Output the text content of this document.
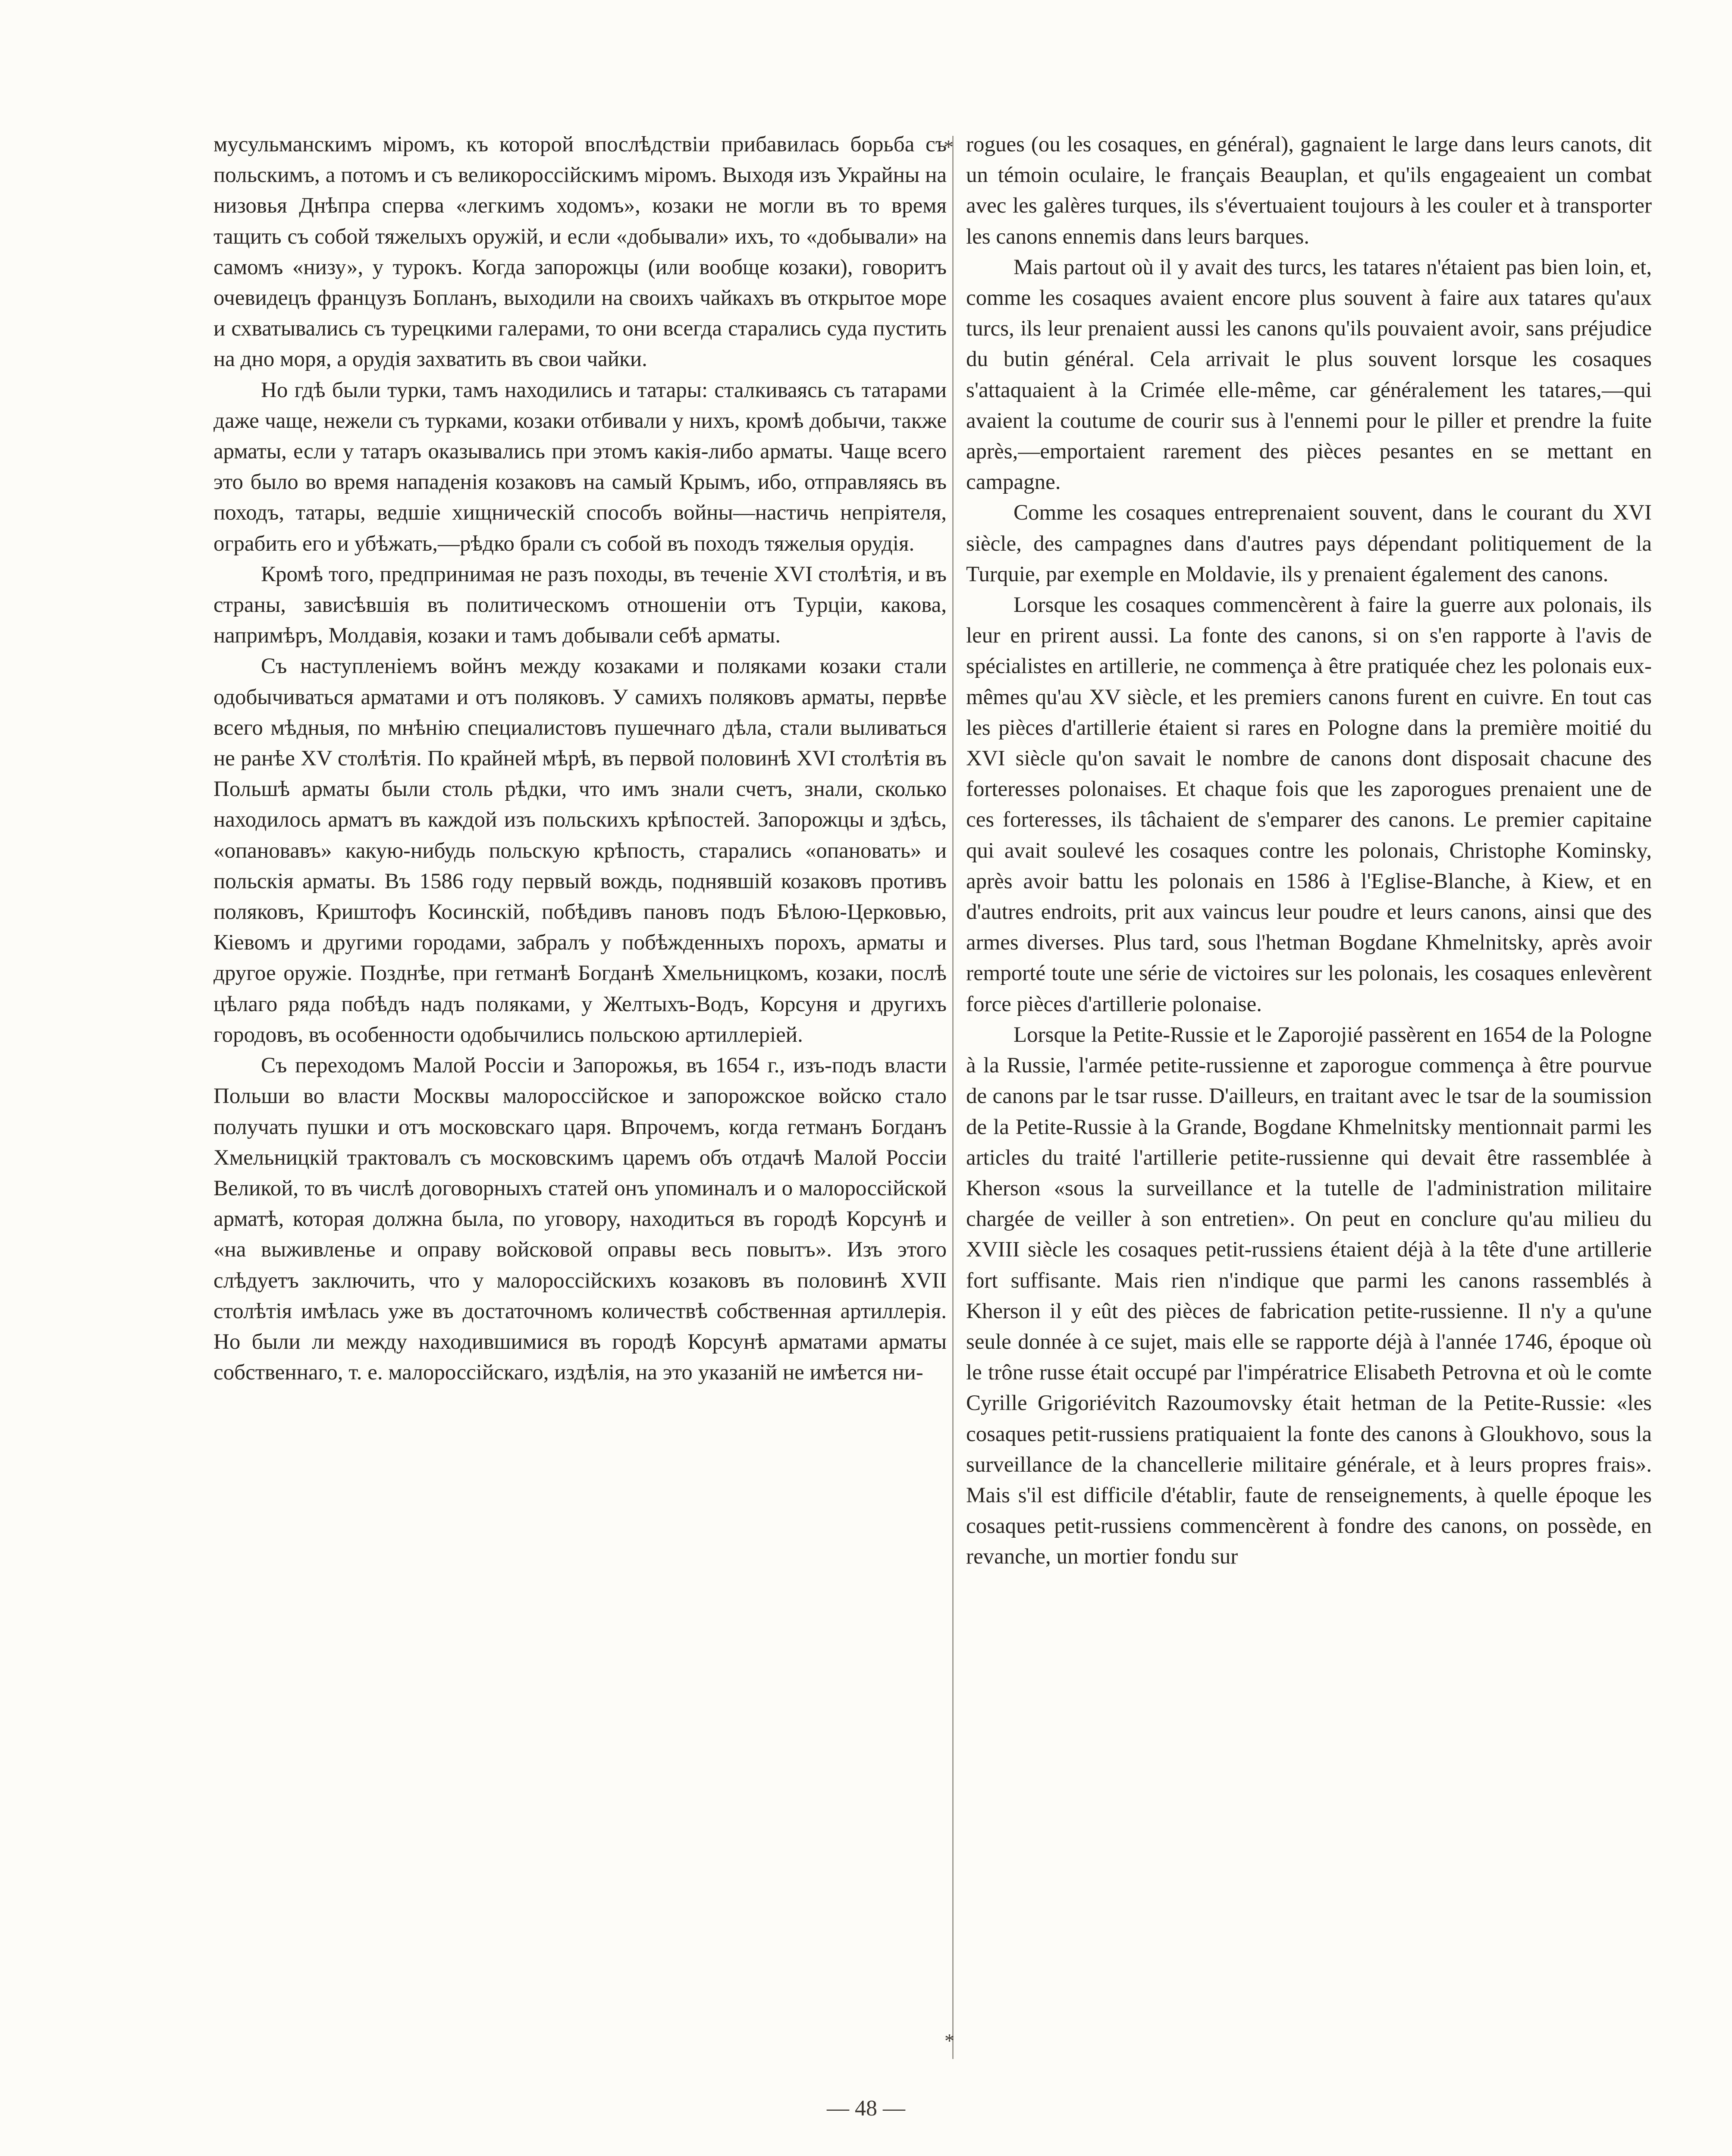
мусульманскимъ міромъ, къ которой впослѣдствіи прибавилась борьба съ польскимъ, а потомъ и съ великороссійскимъ міромъ. Выходя изъ Украйны на низовья Днѣпра сперва «легкимъ ходомъ», козаки не могли въ то время тащить съ собой тяжелыхъ оружій, и если «добывали» ихъ, то «добывали» на самомъ «низу», у турокъ. Когда запорожцы (или вообще козаки), говоритъ очевидецъ французъ Бопланъ, выходили на своихъ чайкахъ въ открытое море и схватывались съ турецкими галерами, то они всегда старались суда пустить на дно моря, а орудія захватить въ свои чайки.

Но гдѣ были турки, тамъ находились и татары: сталкиваясь съ татарами даже чаще, нежели съ турками, козаки отбивали у нихъ, кромѣ добычи, также арматы, если у татаръ оказывались при этомъ какія-либо арматы. Чаще всего это было во время нападенія козаковъ на самый Крымъ, ибо, отправляясь въ походъ, татары, ведшіе хищническій способъ войны—настичь непріятеля, ограбить его и убѣжать,—рѣдко брали съ собой въ походъ тяжелыя орудія.

Кромѣ того, предпринимая не разъ походы, въ теченіе XVI столѣтія, и въ страны, зависѣвшія въ политическомъ отношеніи отъ Турціи, какова, напримѣръ, Молдавія, козаки и тамъ добывали себѣ арматы.

Съ наступленіемъ войнъ между козаками и поляками козаки стали одобычиваться арматами и отъ поляковъ. У самихъ поляковъ арматы, первѣе всего мѣдныя, по мнѣнію специалистовъ пушечнаго дѣла, стали выливаться не ранѣе XV столѣтія. По крайней мѣрѣ, въ первой половинѣ XVI столѣтія въ Польшѣ арматы были столь рѣдки, что имъ знали счетъ, знали, сколько находилось арматъ въ каждой изъ польскихъ крѣпостей. Запорожцы и здѣсь, «опановавъ» какую-нибудь польскую крѣпость, старались «опановать» и польскія арматы. Въ 1586 году первый вождь, поднявшій козаковъ противъ поляковъ, Криштофъ Косинскій, побѣдивъ пановъ подъ Бѣлою-Церковью, Кіевомъ и другими городами, забралъ у побѣжденныхъ порохъ, арматы и другое оружіе. Позднѣе, при гетманѣ Богданѣ Хмельницкомъ, козаки, послѣ цѣлаго ряда побѣдъ надъ поляками, у Желтыхъ-Водъ, Корсуня и другихъ городовъ, въ особенности одобычились польскою артиллеріей.

Съ переходомъ Малой Россіи и Запорожья, въ 1654 г., изъ-подъ власти Польши во власти Москвы малороссійское и запорожское войско стало получать пушки и отъ московскаго царя. Впрочемъ, когда гетманъ Богданъ Хмельницкій трактовалъ съ московскимъ царемъ объ отдачѣ Малой Россіи Великой, то въ числѣ договорныхъ статей онъ упоминалъ и о малороссійской арматѣ, которая должна была, по уговору, находиться въ городѣ Корсунѣ и «на выживленье и оправу войсковой оправы весь повытъ». Изъ этого слѣдуетъ заключить, что у малороссійскихъ козаковъ въ половинѣ XVII столѣтія имѣлась уже въ достаточномъ количествѣ собственная артиллерія. Но были ли между находившимися въ городѣ Корсунѣ арматами арматы собственнаго, т. е. малороссійскаго, издѣлія, на это указаній не имѣется ни-

*
*

rogues (ou les cosaques, en général), gagnaient le large dans leurs canots, dit un témoin oculaire, le français Beauplan, et qu'ils engageaient un combat avec les galères turques, ils s'évertuaient toujours à les couler et à transporter les canons ennemis dans leurs barques.

Mais partout où il y avait des turcs, les tatares n'étaient pas bien loin, et, comme les cosaques avaient encore plus souvent à faire aux tatares qu'aux turcs, ils leur prenaient aussi les canons qu'ils pouvaient avoir, sans préjudice du butin général. Cela arrivait le plus souvent lorsque les cosaques s'attaquaient à la Crimée elle-même, car généralement les tatares,—qui avaient la coutume de courir sus à l'ennemi pour le piller et prendre la fuite après,—emportaient rarement des pièces pesantes en se mettant en campagne.

Comme les cosaques entreprenaient souvent, dans le courant du XVI siècle, des campagnes dans d'autres pays dépendant politiquement de la Turquie, par exemple en Moldavie, ils y prenaient également des canons.

Lorsque les cosaques commencèrent à faire la guerre aux polonais, ils leur en prirent aussi. La fonte des canons, si on s'en rapporte à l'avis de spécialistes en artillerie, ne commença à être pratiquée chez les polonais eux-mêmes qu'au XV siècle, et les premiers canons furent en cuivre. En tout cas les pièces d'artillerie étaient si rares en Pologne dans la première moitié du XVI siècle qu'on savait le nombre de canons dont disposait chacune des forteresses polonaises. Et chaque fois que les zaporogues prenaient une de ces forteresses, ils tâchaient de s'emparer des canons. Le premier capitaine qui avait soulevé les cosaques contre les polonais, Christophe Kominsky, après avoir battu les polonais en 1586 à l'Eglise-Blanche, à Kiew, et en d'autres endroits, prit aux vaincus leur poudre et leurs canons, ainsi que des armes diverses. Plus tard, sous l'hetman Bogdane Khmelnitsky, après avoir remporté toute une série de victoires sur les polonais, les cosaques enlevèrent force pièces d'artillerie polonaise.

Lorsque la Petite-Russie et le Zaporojié passèrent en 1654 de la Pologne à la Russie, l'armée petite-russienne et zaporogue commença à être pourvue de canons par le tsar russe. D'ailleurs, en traitant avec le tsar de la soumission de la Petite-Russie à la Grande, Bogdane Khmelnitsky mentionnait parmi les articles du traité l'artillerie petite-russienne qui devait être rassemblée à Kherson «sous la surveillance et la tutelle de l'administration militaire chargée de veiller à son entretien». On peut en conclure qu'au milieu du XVIII siècle les cosaques petit-russiens étaient déjà à la tête d'une artillerie fort suffisante. Mais rien n'indique que parmi les canons rassemblés à Kherson il y eût des pièces de fabrication petite-russienne. Il n'y a qu'une seule donnée à ce sujet, mais elle se rapporte déjà à l'année 1746, époque où le trône russe était occupé par l'impératrice Elisabeth Petrovna et où le comte Cyrille Grigoriévitch Razoumovsky était hetman de la Petite-Russie: «les cosaques petit-russiens pratiquaient la fonte des canons à Gloukhovo, sous la surveillance de la chancellerie militaire générale, et à leurs propres frais». Mais s'il est difficile d'établir, faute de renseignements, à quelle époque les cosaques petit-russiens commencèrent à fondre des canons, on possède, en revanche, un mortier fondu sur

— 48 —
